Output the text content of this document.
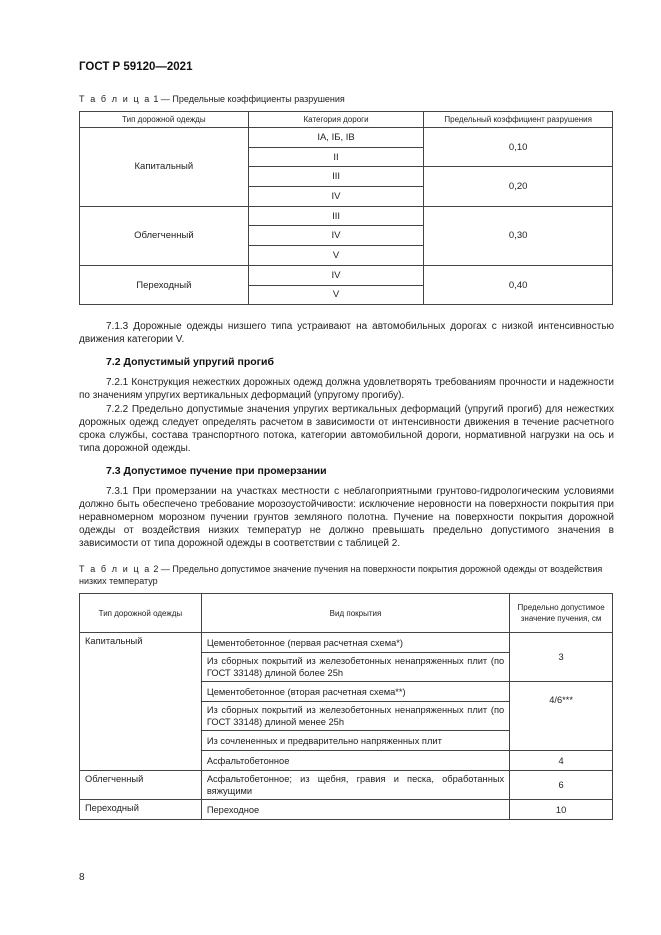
ГОСТ Р 59120—2021
Т а б л и ц а 1 — Предельные коэффициенты разрушения
Тип дорожной одежды	Категория дороги	Предельный коэффициент разрушения
Капитальный	IA, IБ, IB	0,10
	II	
	III	0,20
	IV	
Облегченный	III	0,30
	IV	
	V	
Переходный	IV	0,40
	V	
7.1.3 Дорожные одежды низшего типа устраивают на автомобильных дорогах с низкой интенсивностью движения категории V.
7.2 Допустимый упругий прогиб
7.2.1 Конструкция нежестких дорожных одежд должна удовлетворять требованиям прочности и надежности по значениям упругих вертикальных деформаций (упругому прогибу).
7.2.2 Предельно допустимые значения упругих вертикальных деформаций (упругий прогиб) для нежестких дорожных одежд следует определять расчетом в зависимости от интенсивности движения в течение расчетного срока службы, состава транспортного потока, категории автомобильной дороги, нормативной нагрузки на ось и типа дорожной одежды.
7.3 Допустимое пучение при промерзании
7.3.1 При промерзании на участках местности с неблагоприятными грунтово-гидрологическим условиями должно быть обеспечено требование морозоустойчивости: исключение неровности на поверхности покрытия при неравномерном морозном пучении грунтов земляного полотна. Пучение на поверхности покрытия дорожной одежды от воздействия низких температур не должно превышать предельно допустимого значения в зависимости от типа дорожной одежды в соответствии с таблицей 2.
Т а б л и ц а 2 — Предельно допустимое значение пучения на поверхности покрытия дорожной одежды от воздействия низких температур
Тип дорожной одежды	Вид покрытия	Предельно допустимое значение пучения, см
Капитальный	Цементобетонное (первая расчетная схема*)	3
	Из сборных покрытий из железобетонных ненапряженных плит (по ГОСТ 33148) длиной более 25h	
	Цементобетонное (вторая расчетная схема**)	4/6***
	Из сборных покрытий из железобетонных ненапряженных плит (по ГОСТ 33148) длиной менее 25h	
	Из сочлененных и предварительно напряженных плит	
	Асфальтобетонное	4
Облегченный	Асфальтобетонное; из щебня, гравия и песка, обработанных вяжущими	6
Переходный	Переходное	10
8
